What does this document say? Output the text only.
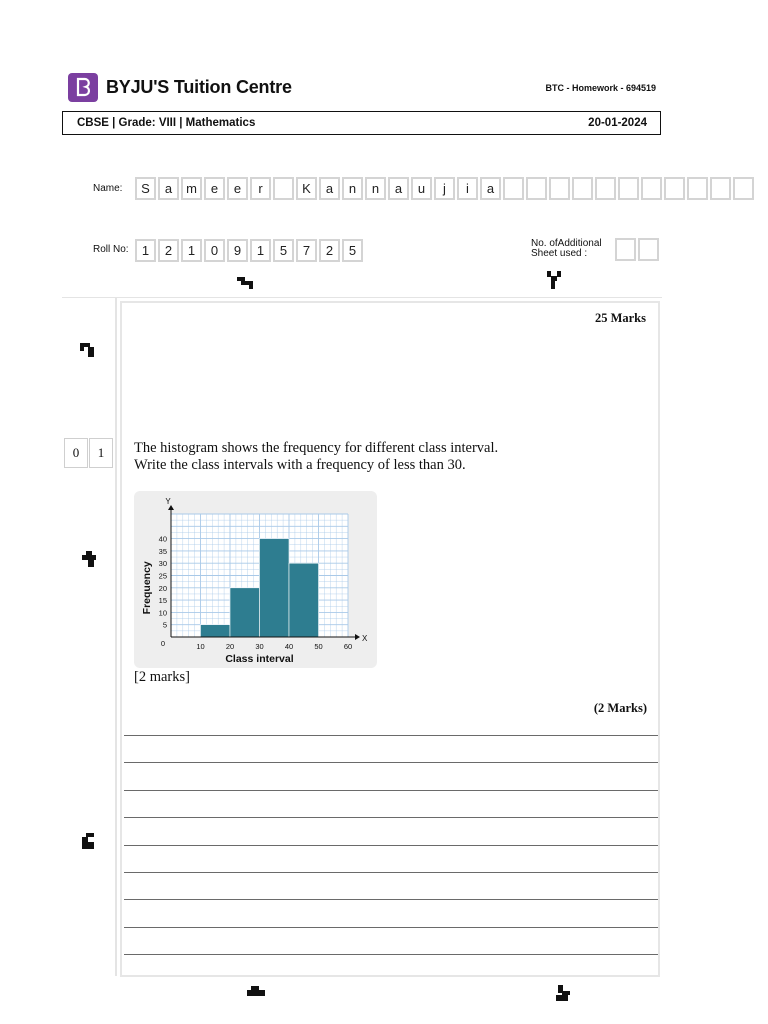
BYJU'S Tuition Centre	BTC - Homework - 694519
CBSE | Grade: VIII | Mathematics	20-01-2024
Name:	S	a	m	e	e	r	K	a	n	n	a	u	j	i	a
Roll No:	1	2	1	0	9	1	5	7	2	5	No. ofAdditional
Sheet used :
25 Marks
0	1	The histogram shows the frequency for different class interval.
Write the class intervals with a frequency of less than 30.
X
Y
0	10	20	30	40	50	60
5
10
15
20
25
30
35
40
Class interval
Frequency
[2 marks]
(2 Marks)
